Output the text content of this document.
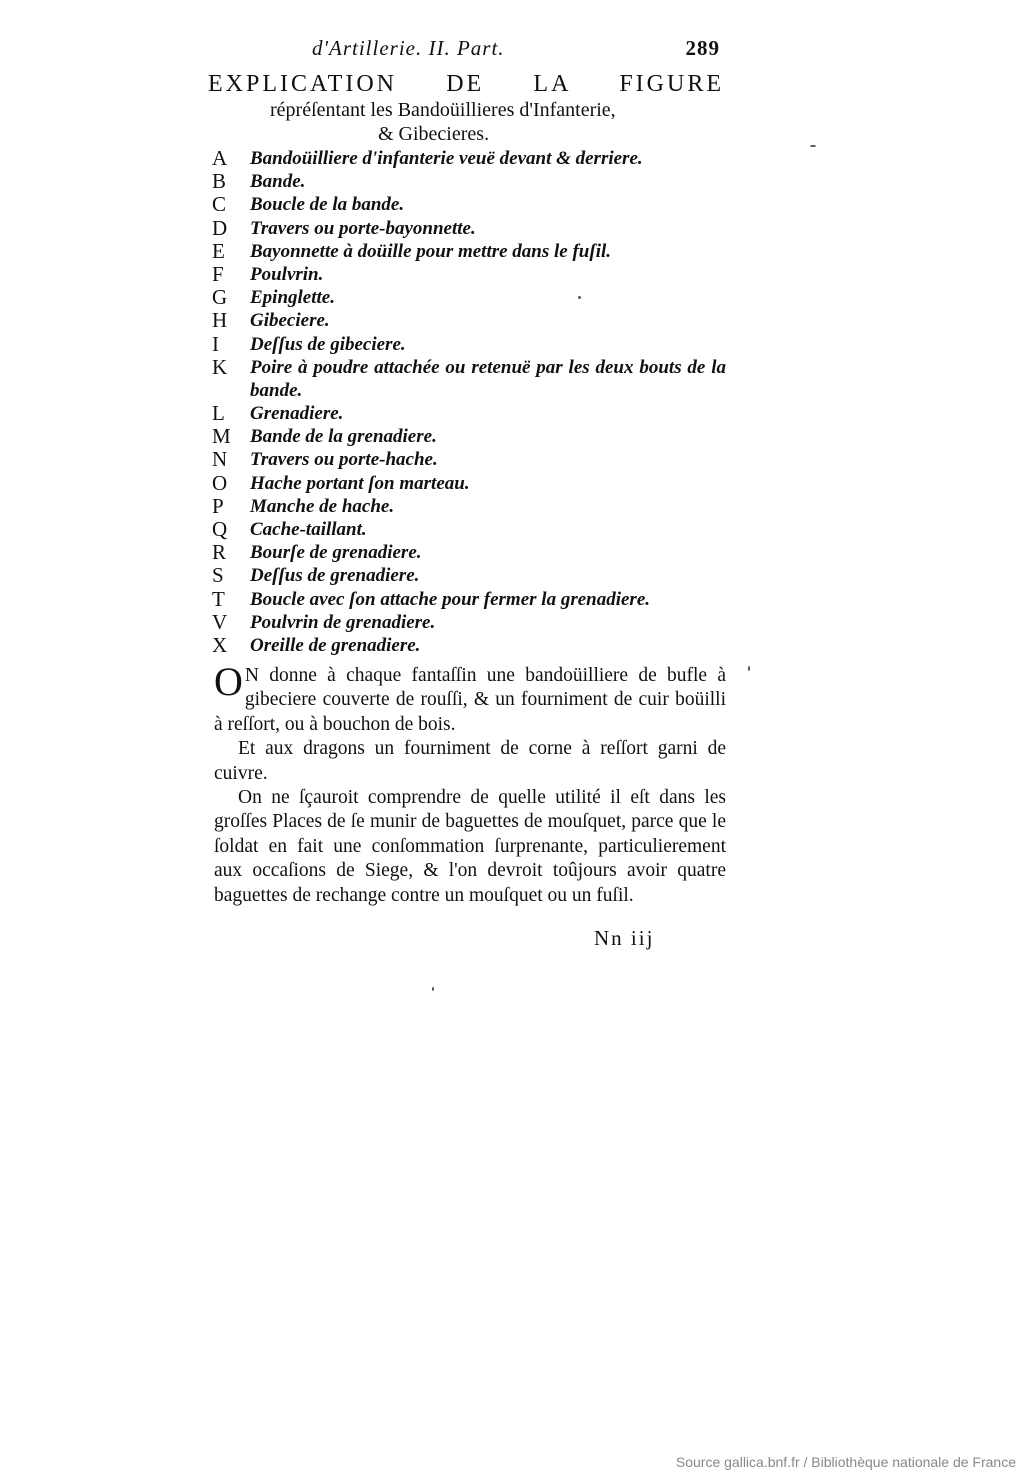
d'Artillerie. II. Part.	289
EXPLICATION DE LA FIGURE
répréſentant les Bandoüillieres d'Infanterie,
& Gibecieres.
A	Bandoüilliere d'infanterie veuë devant & derriere.
B	Bande.
C	Boucle de la bande.
D	Travers ou porte-bayonnette.
E	Bayonnette à doüille pour mettre dans le fuſil.
F	Poulvrin.
G	Epinglette.
H	Gibeciere.
I	Deſſus de gibeciere.
K	Poire à poudre attachée ou retenuë par les deux bouts de la bande.
L	Grenadiere.
M	Bande de la grenadiere.
N	Travers ou porte-hache.
O	Hache portant ſon marteau.
P	Manche de hache.
Q	Cache-taillant.
R	Bourſe de grenadiere.
S	Deſſus de grenadiere.
T	Boucle avec ſon attache pour fermer la grenadiere.
V	Poulvrin de grenadiere.
X	Oreille de grenadiere.

O N donne à chaque fantaſſin une bandoüilliere de bufle à gibeciere couverte de rouſſi, & un fourniment de cuir boüilli à reſſort, ou à bouchon de bois.

Et aux dragons un fourniment de corne à reſſort garni de cuivre.

On ne ſçauroit comprendre de quelle utilité il eſt dans les groſſes Places de ſe munir de baguettes de mouſquet, parce que le ſoldat en fait une conſommation ſurprenante, particulierement aux occaſions de Siege, & l'on devroit toûjours avoir quatre baguettes de rechange contre un mouſquet ou un fuſil.

Nn iij
Source gallica.bnf.fr / Bibliothèque nationale de France
